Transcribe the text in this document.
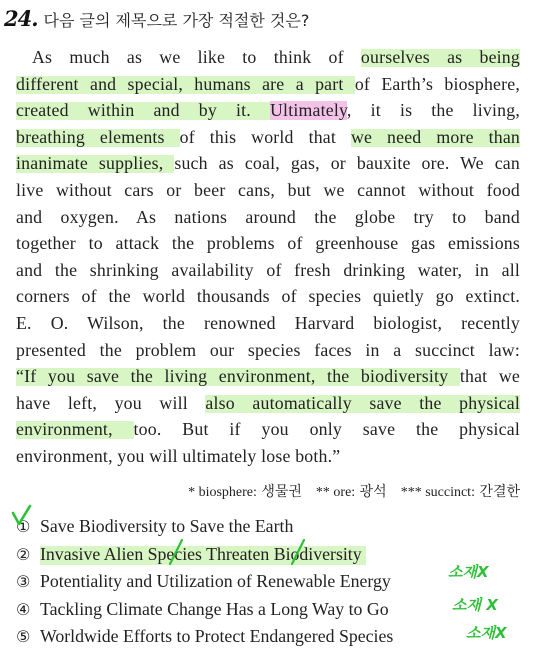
24. 다음 글의 제목으로 가장 적절한 것은?
As much as we like to think of ourselves as being
different and special, humans are a part of Earth’s biosphere,
created within and by it. Ultimately, it is the living,
breathing elements of this world that we need more than
inanimate supplies, such as coal, gas, or bauxite ore. We can
live without cars or beer cans, but we cannot without food
and oxygen. As nations around the globe try to band
together to attack the problems of greenhouse gas emissions
and the shrinking availability of fresh drinking water, in all
corners of the world thousands of species quietly go extinct.
E. O. Wilson, the renowned Harvard biologist, recently
presented the problem our species faces in a succinct law:
“If you save the living environment, the biodiversity that we
have left, you will also automatically save the physical
environment, too. But if you only save the physical
environment, you will ultimately lose both.”
* biosphere: 생물권 ** ore: 광석 *** succinct: 간결한
① Save Biodiversity to Save the Earth
② Invasive Alien Species Threaten Biodiversity
③ Potentiality and Utilization of Renewable Energy
④ Tackling Climate Change Has a Long Way to Go
⑤ Worldwide Efforts to Protect Endangered Species
소재X
소재 X
소재X
